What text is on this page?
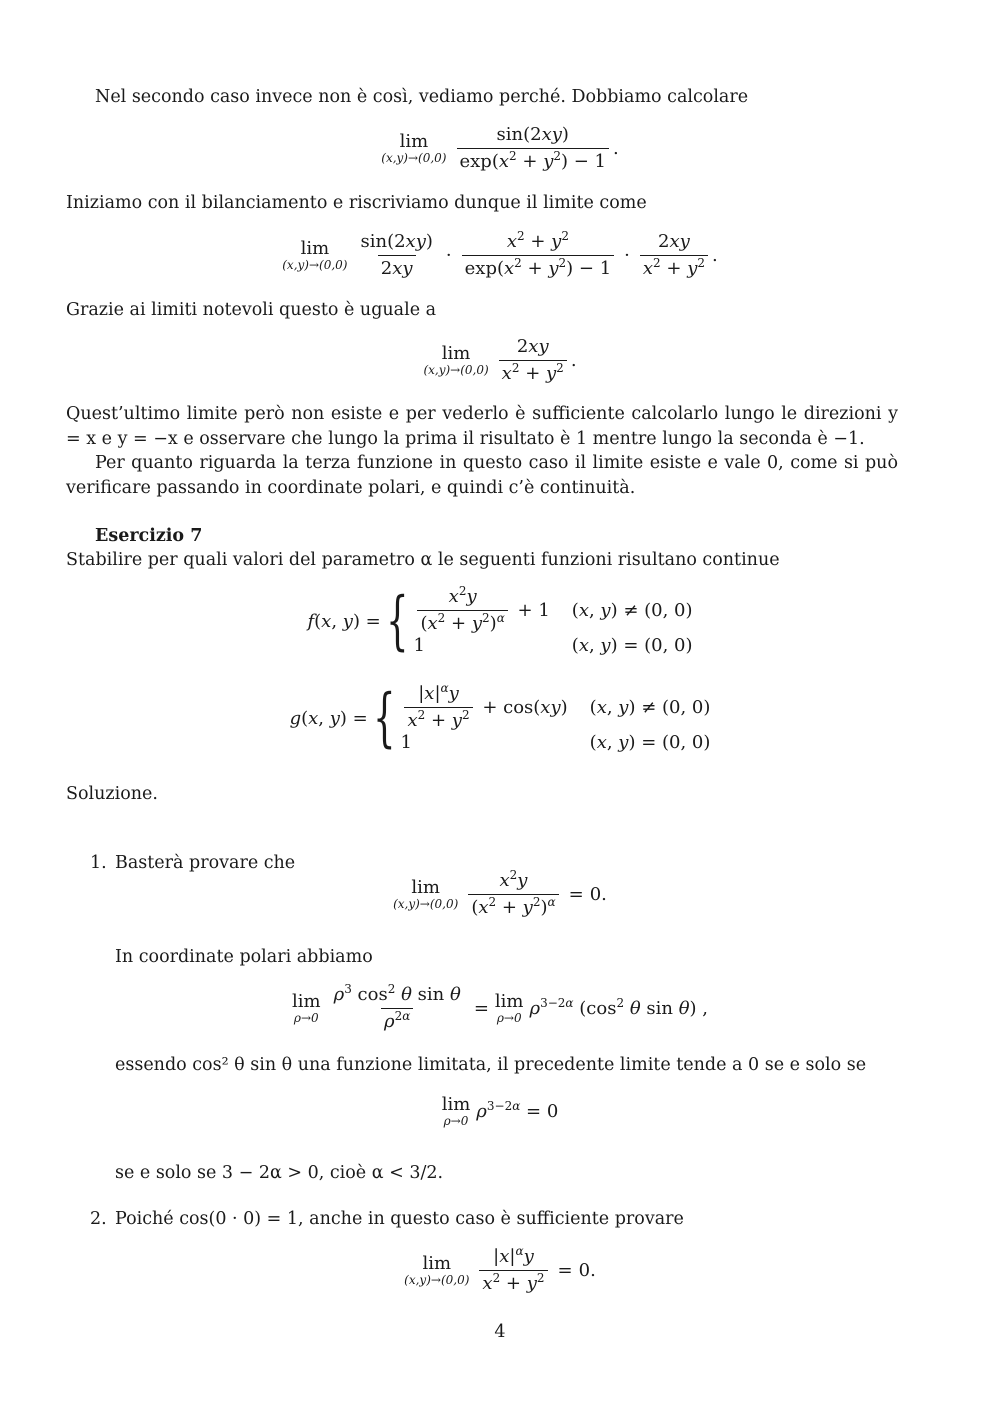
Nel secondo caso invece non è così, vediamo perché. Dobbiamo calcolare
lim
$(x,y)\to(0,0) \frac{\sin(2xy)}{\exp(x^2 + y^2) - 1}$ .
Iniziamo con il bilanciamento e riscriviamo dunque il limite come
lim
$(x,y)\to(0,0) \frac{\sin(2xy)}{2xy} \cdot \frac{x^2 + y^2}{\exp(x^2 + y^2) - 1} \cdot \frac{2xy}{x^2 + y^2}$ .
Grazie ai limiti notevoli questo è uguale a
lim
$(x,y)\to(0,0) \frac{2xy}{x^2 + y^2}$ .
Quest’ultimo limite però non esiste e per vederlo è sufficiente calcolarlo lungo le direzioni y = x e y = −x e osservare che lungo la prima il risultato è 1 mentre lungo la seconda è −1.
Per quanto riguarda la terza funzione in questo caso il limite esiste e vale 0, come si può verificare passando in coordinate polari, e quindi c’è continuità.
Esercizio 7
Stabilire per quali valori del parametro α le seguenti funzioni risultano continue
f(x, y) = { $\frac{x^2y}{(x^2 + y^2)^\alpha} + 1$ (x, y) ≠ (0, 0)
1	(x, y) = (0, 0)
g(x, y) = { $\frac{|x|^\alpha y}{x^2 + y^2} + \cos$( xy ) (x, y) ≠ (0, 0)
1	(x, y) = (0, 0)
Soluzione.
1. Basterà provare che
lim
$(x,y)\to(0,0) \frac{x^2y}{(x^2 + y^2)^\alpha} = 0$.
In coordinate polari abbiamo
lim
$\rho\to 0 \frac{\rho^3 \cos^2 \theta \sin \theta}{\rho^{2\alpha}} = \lim$
ρ→0 $\rho^{3-2\alpha}$ ($\cos^2$ θ sin θ) ,
essendo cos² θ sin θ una funzione limitata, il precedente limite tende a 0 se e solo se
lim
ρ→0 $\rho^{3-2\alpha} = 0$
se e solo se 3 − 2α > 0, cioè α < 3/2.
2. Poiché cos(0 · 0) = 1, anche in questo caso è sufficiente provare
lim
$(x,y)\to(0,0) \frac{|x|^\alpha y}{x^2 + y^2} = 0$.
4
